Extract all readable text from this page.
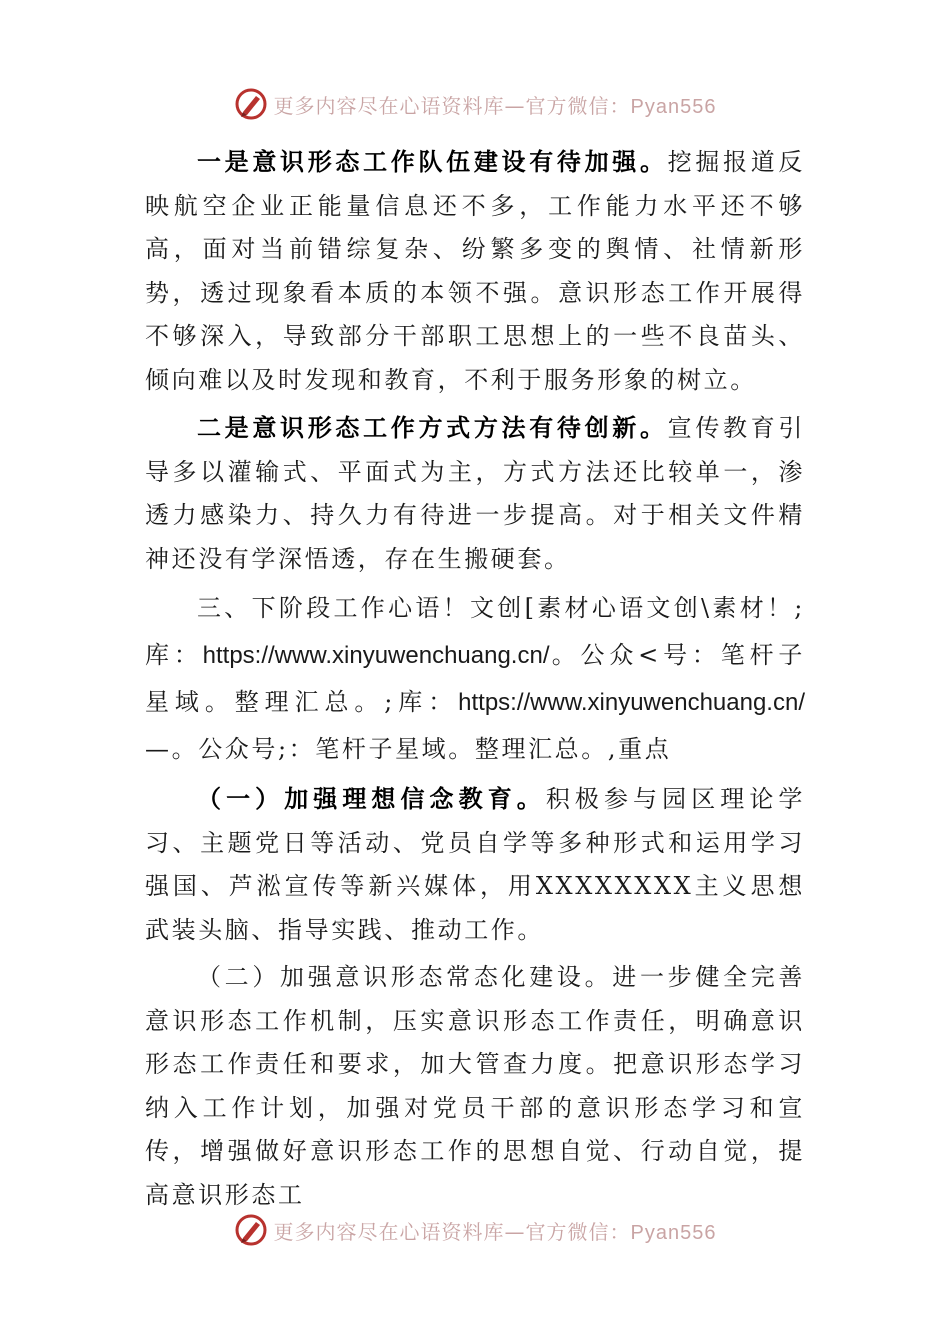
更多内容尽在心语资料库—官方微信：Pyan556

一是意识形态工作队伍建设有待加强。挖掘报道反映航空企业正能量信息还不多，工作能力水平还不够高，面对当前错综复杂、纷繁多变的舆情、社情新形势，透过现象看本质的本领不强。意识形态工作开展得不够深入，导致部分干部职工思想上的一些不良苗头、倾向难以及时发现和教育，不利于服务形象的树立。

二是意识形态工作方式方法有待创新。宣传教育引导多以灌输式、平面式为主，方式方法还比较单一，渗透力感染力、持久力有待进一步提高。对于相关文件精神还没有学深悟透，存在生搬硬套。

三、下阶段工作心语！文创[素材心语文创\素材！;库：https://www.xinyuwenchuang.cn/。公众<号：笔杆子星域。整理汇总。;库：https://www.xinyuwenchuang.cn/—。公众号;：笔杆子星域。整理汇总。,重点

（一）加强理想信念教育。积极参与园区理论学习、主题党日等活动、党员自学等多种形式和运用学习强国、芦淞宣传等新兴媒体，用XXXXXXXX主义思想武装头脑、指导实践、推动工作。

（二）加强意识形态常态化建设。进一步健全完善意识形态工作机制，压实意识形态工作责任，明确意识形态工作责任和要求，加大管查力度。把意识形态学习纳入工作计划，加强对党员干部的意识形态学习和宣传，增强做好意识形态工作的思想自觉、行动自觉，提高意识形态工

更多内容尽在心语资料库—官方微信：Pyan556
